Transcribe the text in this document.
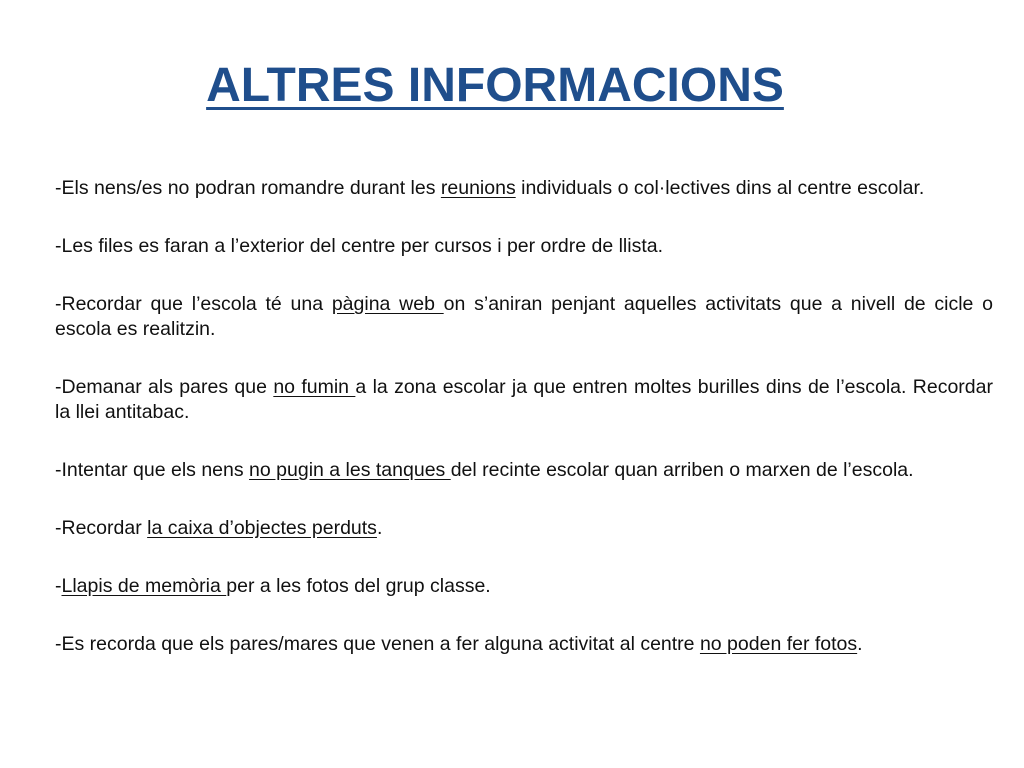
ALTRES INFORMACIONS

-Els nens/es no podran romandre durant les reunions individuals o col·lectives dins al centre escolar.

-Les files es faran a l’exterior del centre per cursos i per ordre de llista.

-Recordar que l’escola té una pàgina web on s’aniran penjant aquelles activitats que a nivell de cicle o escola es realitzin.

-Demanar als pares que no fumin a la zona escolar ja que entren moltes burilles dins de l’escola. Recordar la llei antitabac.

-Intentar que els nens no pugin a les tanques del recinte escolar quan arriben o marxen de l’escola.

-Recordar la caixa d’objectes perduts.

-Llapis de memòria per a les fotos del grup classe.

-Es recorda que els pares/mares que venen a fer alguna activitat al centre no poden fer fotos.
